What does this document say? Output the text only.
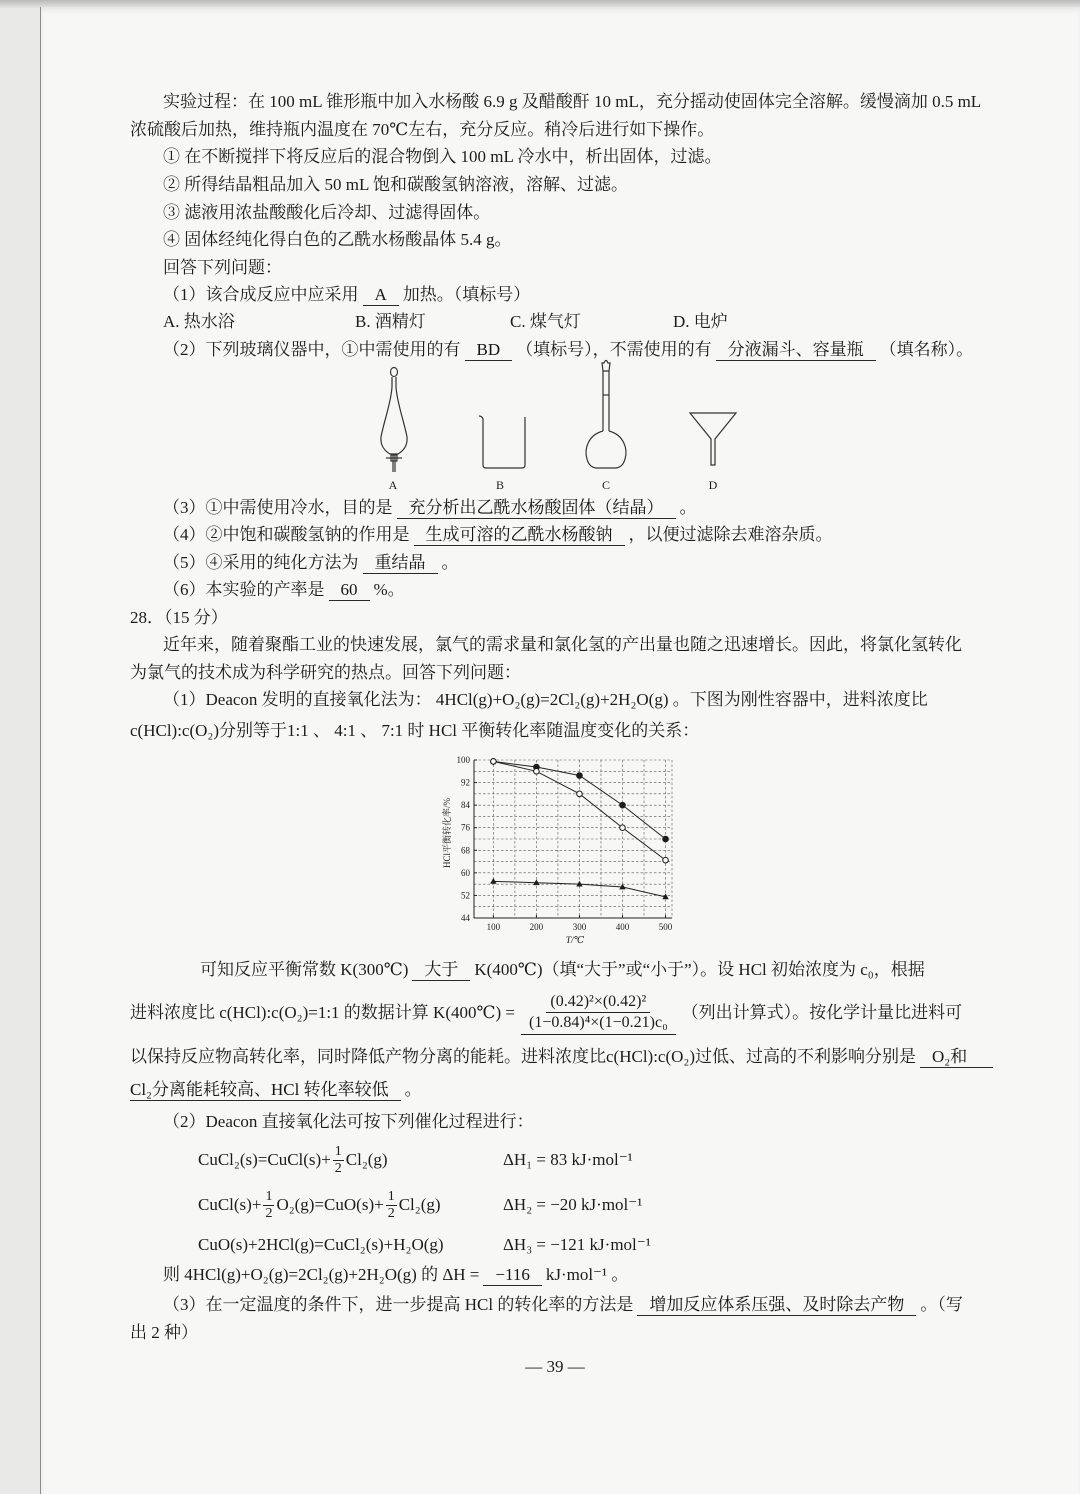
实验过程：在 100 mL 锥形瓶中加入水杨酸 6.9 g 及醋酸酐 10 mL，充分摇动使固体完全溶解。缓慢滴加 0.5 mL
浓硫酸后加热，维持瓶内温度在 70℃左右，充分反应。稍冷后进行如下操作。
① 在不断搅拌下将反应后的混合物倒入 100 mL 冷水中，析出固体，过滤。
② 所得结晶粗品加入 50 mL 饱和碳酸氢钠溶液，溶解、过滤。
③ 滤液用浓盐酸酸化后冷却、过滤得固体。
④ 固体经纯化得白色的乙酰水杨酸晶体 5.4 g。
回答下列问题：
（1）该合成反应中应采用 A 加热。（填标号）
A. 热水浴	B. 酒精灯	C. 煤气灯	D. 电炉
（2）下列玻璃仪器中，①中需使用的有 BD （填标号），不需使用的有 分液漏斗、容量瓶 （填名称）。
A	B	C	D
（3）①中需使用冷水，目的是 充分析出乙酰水杨酸固体（结晶） 。
（4）②中饱和碳酸氢钠的作用是 生成可溶的乙酰水杨酸钠 ，以便过滤除去难溶杂质。
（5）④采用的纯化方法为 重结晶 。
（6）本实验的产率是 60 %。
28．（15 分）
近年来，随着聚酯工业的快速发展，氯气的需求量和氯化氢的产出量也随之迅速增长。因此，将氯化氢转化
为氯气的技术成为科学研究的热点。回答下列问题：
（1）Deacon 发明的直接氧化法为： 4HCl(g)+O₂(g)=2Cl₂(g)+2H₂O(g) 。下图为刚性容器中，进料浓度比
c(HCl):c(O₂)分别等于1:1 、 4:1 、 7:1 时 HCl 平衡转化率随温度变化的关系：
100
92
84
76
68
60
52
44
100	200	300	400	500
T/℃
HCl平衡转化率/%
可知反应平衡常数 K(300℃) 大于 K(400℃)（填“大于”或“小于”）。设 HCl 初始浓度为 c₀，根据
进料浓度比 c(HCl):c(O₂)=1:1 的数据计算 K(400℃) = $\frac{\text{(0.42)²×(0.42)²}}{\text{(1−0.84)⁴×(1−0.21)c₀}}$ （列出计算式）。按化学计量比进料可
以保持反应物高转化率，同时降低产物分离的能耗。进料浓度比c(HCl):c(O₂)过低、过高的不利影响分别是 O₂和
Cl₂分离能耗较高、HCl 转化率较低 。
（2）Deacon 直接氧化法可按下列催化过程进行：
CuCl₂(s)=CuCl(s)+ $\frac{1}{2} Cl_2(g)$	ΔH₁ = 83 kJ·mol⁻¹
CuCl(s)+ $\frac{1}{2} O_2(g)=CuO(s)+ \frac{1}{2} Cl_2(g)$	ΔH₂ = −20 kJ·mol⁻¹
CuO(s)+2HCl(g)=CuCl₂(s)+H₂O(g)	ΔH₃ = −121 kJ·mol⁻¹
则 4HCl(g)+O₂(g)=2Cl₂(g)+2H₂O(g) 的 ΔH = −116 kJ·mol⁻¹ 。
（3）在一定温度的条件下，进一步提高 HCl 的转化率的方法是 增加反应体系压强、及时除去产物 。（写
出 2 种）
— 39 —
